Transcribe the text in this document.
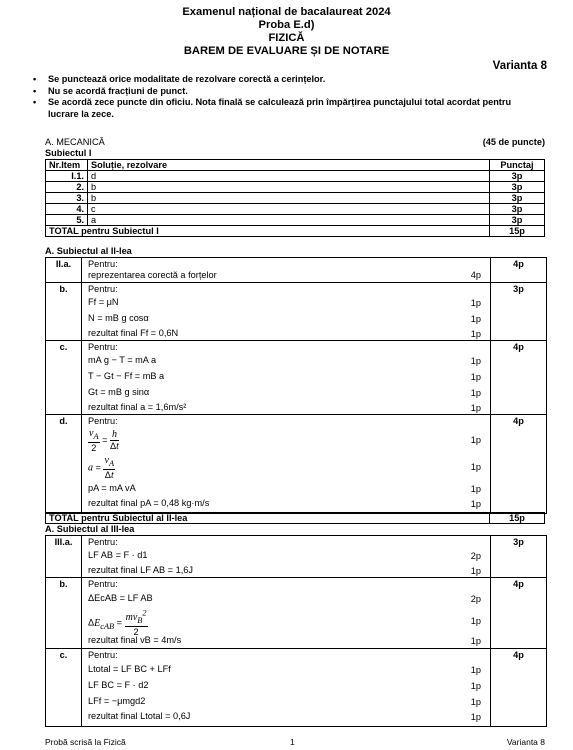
Examenul național de bacalaureat 2024
Proba E.d)
FIZICĂ
BAREM DE EVALUARE ȘI DE NOTARE
Varianta 8
• Se punctează orice modalitate de rezolvare corectă a cerințelor.
• Nu se acordă fracțiuni de punct.
• Se acordă zece puncte din oficiu. Nota finală se calculează prin împărțirea punctajului total acordat pentru lucrare la zece.
A. MECANICĂ	(45 de puncte)
Subiectul I
Nr.Item	Soluție, rezolvare	Punctaj
I.1.	d	3p
2.	b	3p
3.	b	3p
4.	c	3p
5.	a	3p
TOTAL pentru Subiectul I		15p
A. Subiectul al II-lea
II.a.	4p
Pentru:
reprezentarea corectă a forțelor	4p
b.	3p
Pentru:
Ff = μN	1p
N = mB g cosα	1p
rezultat final Ff = 0,6N	1p
c.	4p
Pentru:
mA g − T = mA a	1p
T − Gt − Ff = mB a	1p
Gt = mB g sinα	1p
rezultat final a = 1,6m/s²	1p
d.	4p
Pentru:
$\frac{v_A}{2} = \frac{h}{\Delta t}$	1p
$a = \frac{v_A}{\Delta t}$	1p
pA = mA vA	1p
rezultat final pA = 0,48 kg·m/s	1p
TOTAL pentru Subiectul al II-lea	15p
A. Subiectul al III-lea
III.a.	3p
Pentru:
LF AB = F · d1	2p
rezultat final LF AB = 1,6J	1p
b.	4p
Pentru:
ΔEcAB = LF AB	2p
$\Delta E_{cAB} = \frac{mv_B^2}{2}$	1p
rezultat final vB = 4m/s	1p
c.	4p
Pentru:
Ltotal = LF BC + LFf	1p
LF BC = F · d2	1p
LFf = −μmgd2	1p
rezultat final Ltotal = 0,6J	1p
Probă scrisă la Fizică	1	Varianta 8
